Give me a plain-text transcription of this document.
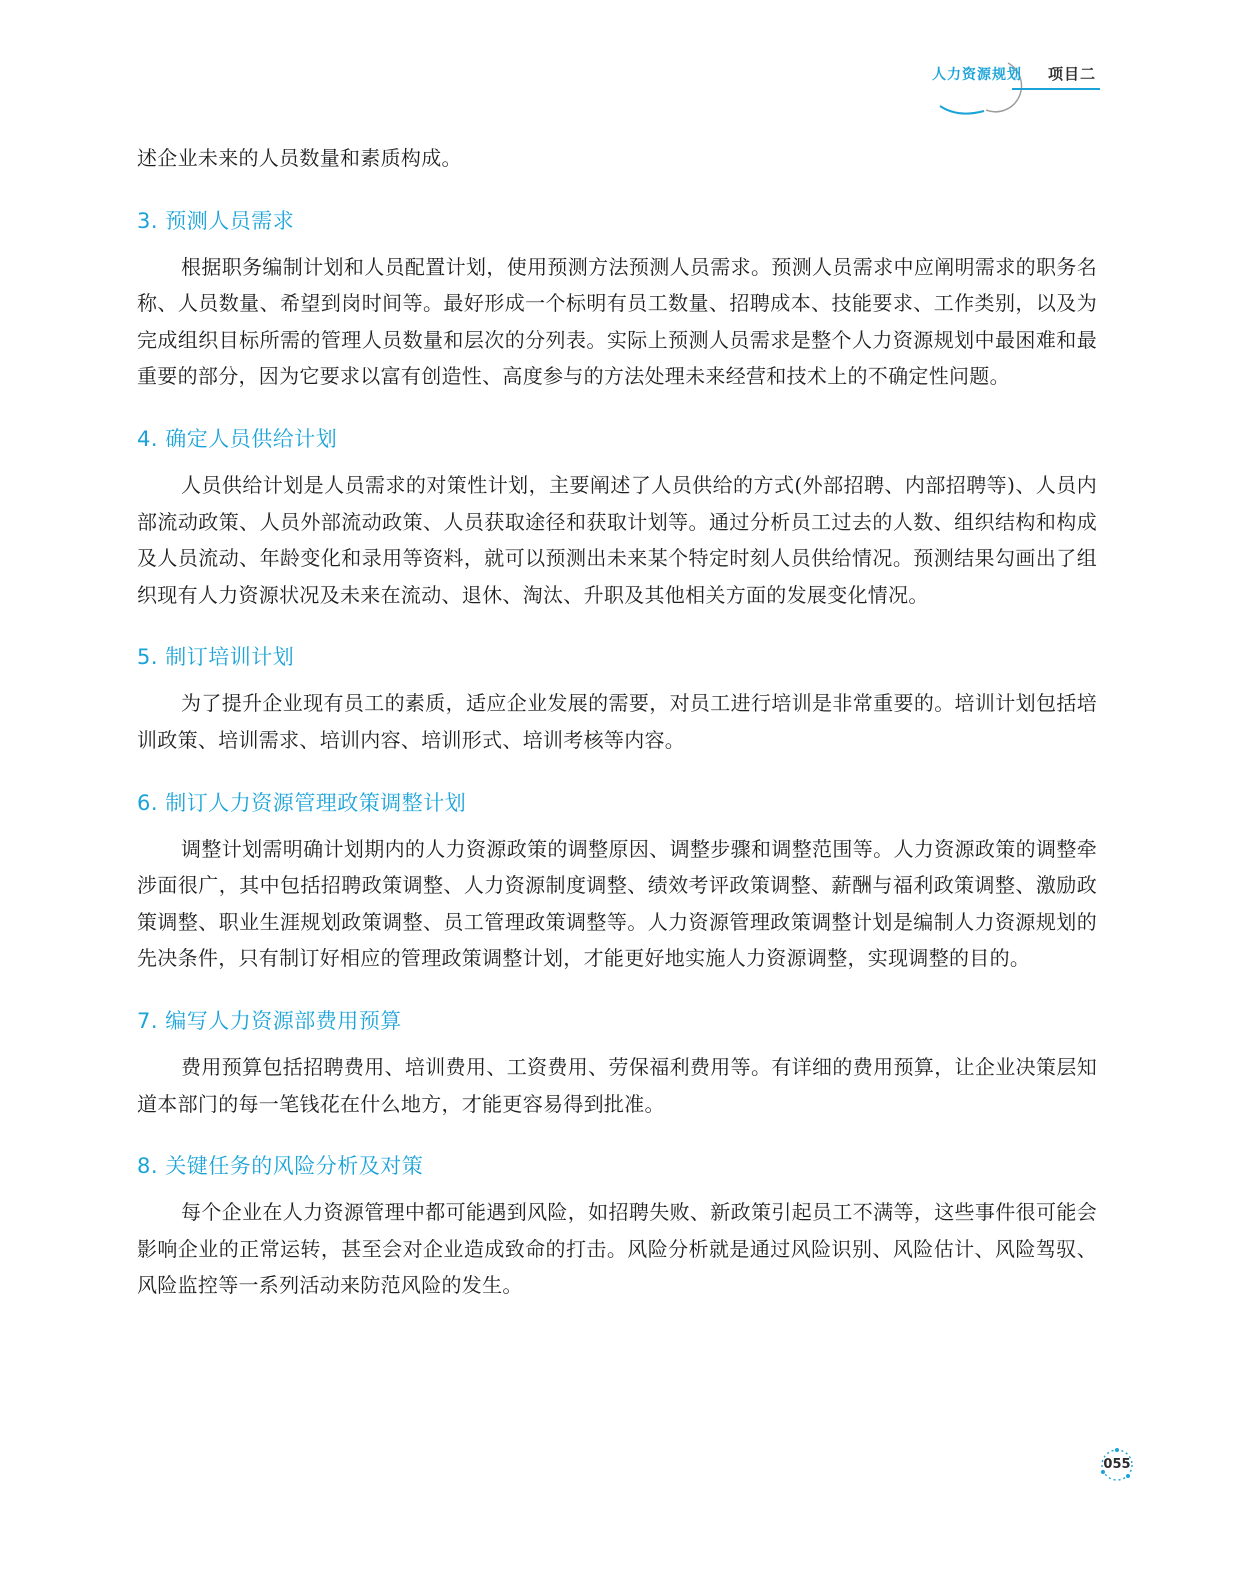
人力资源规划 项目二

述企业未来的人员数量和素质构成。

3. 预测人员需求

根据职务编制计划和人员配置计划，使用预测方法预测人员需求。预测人员需求中应阐明需求的职务名称、人员数量、希望到岗时间等。最好形成一个标明有员工数量、招聘成本、技能要求、工作类别，以及为完成组织目标所需的管理人员数量和层次的分列表。实际上预测人员需求是整个人力资源规划中最困难和最重要的部分，因为它要求以富有创造性、高度参与的方法处理未来经营和技术上的不确定性问题。

4. 确定人员供给计划

人员供给计划是人员需求的对策性计划，主要阐述了人员供给的方式(外部招聘、内部招聘等)、人员内部流动政策、人员外部流动政策、人员获取途径和获取计划等。通过分析员工过去的人数、组织结构和构成及人员流动、年龄变化和录用等资料，就可以预测出未来某个特定时刻人员供给情况。预测结果勾画出了组织现有人力资源状况及未来在流动、退休、淘汰、升职及其他相关方面的发展变化情况。

5. 制订培训计划

为了提升企业现有员工的素质，适应企业发展的需要，对员工进行培训是非常重要的。培训计划包括培训政策、培训需求、培训内容、培训形式、培训考核等内容。

6. 制订人力资源管理政策调整计划

调整计划需明确计划期内的人力资源政策的调整原因、调整步骤和调整范围等。人力资源政策的调整牵涉面很广，其中包括招聘政策调整、人力资源制度调整、绩效考评政策调整、薪酬与福利政策调整、激励政策调整、职业生涯规划政策调整、员工管理政策调整等。人力资源管理政策调整计划是编制人力资源规划的先决条件，只有制订好相应的管理政策调整计划，才能更好地实施人力资源调整，实现调整的目的。

7. 编写人力资源部费用预算

费用预算包括招聘费用、培训费用、工资费用、劳保福利费用等。有详细的费用预算，让企业决策层知道本部门的每一笔钱花在什么地方，才能更容易得到批准。

8. 关键任务的风险分析及对策

每个企业在人力资源管理中都可能遇到风险，如招聘失败、新政策引起员工不满等，这些事件很可能会影响企业的正常运转，甚至会对企业造成致命的打击。风险分析就是通过风险识别、风险估计、风险驾驭、风险监控等一系列活动来防范风险的发生。

055
